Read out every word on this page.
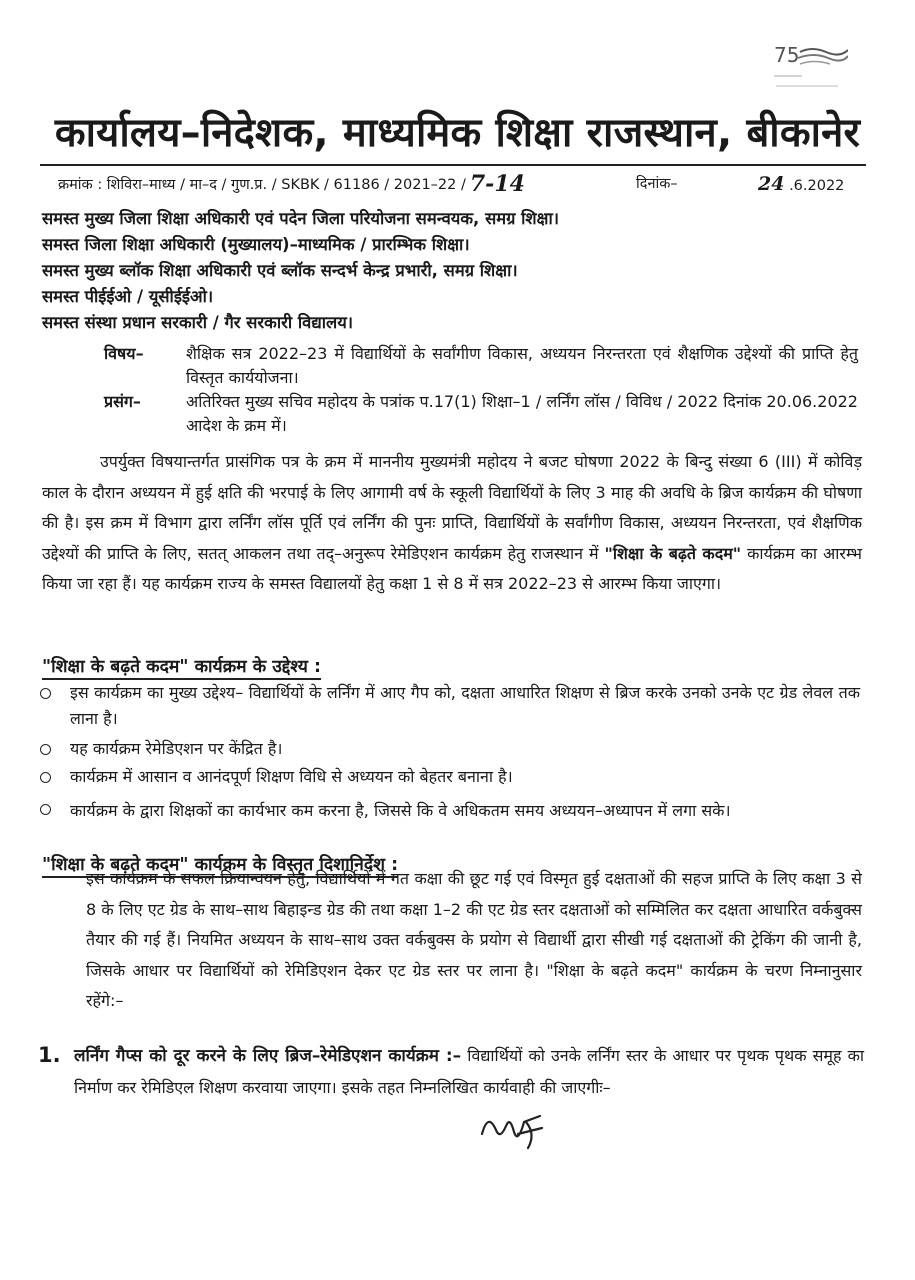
75
कार्यालय–निदेशक, माध्यमिक शिक्षा राजस्थान, बीकानेर
क्रमांक : शिविरा–माध्य / मा–द / गुण.प्र. / SKBK / 61186 / 2021–22 / 7-14	दिनांक–	24 .6.2022
समस्त मुख्य जिला शिक्षा अधिकारी एवं पदेन जिला परियोजना समन्वयक, समग्र शिक्षा।
समस्त जिला शिक्षा अधिकारी (मुख्यालय)–माध्यमिक / प्रारम्भिक शिक्षा।
समस्त मुख्य ब्लॉक शिक्षा अधिकारी एवं ब्लॉक सन्दर्भ केन्द्र प्रभारी, समग्र शिक्षा।
समस्त पीईईओ / यूसीईईओ।
समस्त संस्था प्रधान सरकारी / गैर सरकारी विद्यालय।
विषय–	शैक्षिक सत्र 2022–23 में विद्यार्थियों के सर्वांगीण विकास, अध्ययन निरन्तरता एवं शैक्षणिक उद्देश्यों की प्राप्ति हेतु विस्तृत कार्ययोजना।
प्रसंग–	अतिरिक्त मुख्य सचिव महोदय के पत्रांक प.17(1) शिक्षा–1 / लर्निंग लॉस / विविध / 2022 दिनांक 20.06.2022 आदेश के क्रम में।
उपर्युक्त विषयान्तर्गत प्रासंगिक पत्र के क्रम में माननीय मुख्यमंत्री महोदय ने बजट घोषणा 2022 के बिन्दु संख्या 6 (III) में कोविड़ काल के दौरान अध्ययन में हुई क्षति की भरपाई के लिए आगामी वर्ष के स्कूली विद्यार्थियों के लिए 3 माह की अवधि के ब्रिज कार्यक्रम की घोषणा की है। इस क्रम में विभाग द्वारा लर्निंग लॉस पूर्ति एवं लर्निंग की पुनः प्राप्ति, विद्यार्थियों के सर्वांगीण विकास, अध्ययन निरन्तरता, एवं शैक्षणिक उद्देश्यों की प्राप्ति के लिए, सतत् आकलन तथा तद्–अनुरूप रेमेडिएशन कार्यक्रम हेतु राजस्थान में "शिक्षा के बढ़ते कदम" कार्यक्रम का आरम्भ किया जा रहा हैं। यह कार्यक्रम राज्य के समस्त विद्यालयों हेतु कक्षा 1 से 8 में सत्र 2022–23 से आरम्भ किया जाएगा।
"शिक्षा के बढ़ते कदम" कार्यक्रम के उद्देश्य :
इस कार्यक्रम का मुख्य उद्देश्य– विद्यार्थियों के लर्निंग में आए गैप को, दक्षता आधारित शिक्षण से ब्रिज करके उनको उनके एट ग्रेड लेवल तक लाना है।
यह कार्यक्रम रेमेडिएशन पर केंद्रित है।
कार्यक्रम में आसान व आनंदपूर्ण शिक्षण विधि से अध्ययन को बेहतर बनाना है।
कार्यक्रम के द्वारा शिक्षकों का कार्यभार कम करना है, जिससे कि वे अधिकतम समय अध्ययन–अध्यापन में लगा सके।
"शिक्षा के बढ़ते कदम" कार्यक्रम के विस्तृत दिशानिर्देश :
इस कार्यक्रम के सफल क्रियान्वयन हेतु, विद्यार्थियों में गत कक्षा की छूट गई एवं विस्मृत हुई दक्षताओं की सहज प्राप्ति के लिए कक्षा 3 से 8 के लिए एट ग्रेड के साथ–साथ बिहाइन्ड ग्रेड की तथा कक्षा 1–2 की एट ग्रेड स्तर दक्षताओं को सम्मिलित कर दक्षता आधारित वर्कबुक्स तैयार की गई हैं। नियमित अध्ययन के साथ–साथ उक्त वर्कबुक्स के प्रयोग से विद्यार्थी द्वारा सीखी गई दक्षताओं की ट्रेकिंग की जानी है, जिसके आधार पर विद्यार्थियों को रेमिडिएशन देकर एट ग्रेड स्तर पर लाना है। "शिक्षा के बढ़ते कदम" कार्यक्रम के चरण निम्नानुसार रहेंगे:–
1. लर्निंग गैप्स को दूर करने के लिए ब्रिज–रेमेडिएशन कार्यक्रम :– विद्यार्थियों को उनके लर्निंग स्तर के आधार पर पृथक पृथक समूह का निर्माण कर रेमिडिएल शिक्षण करवाया जाएगा। इसके तहत निम्नलिखित कार्यवाही की जाएगीः–
